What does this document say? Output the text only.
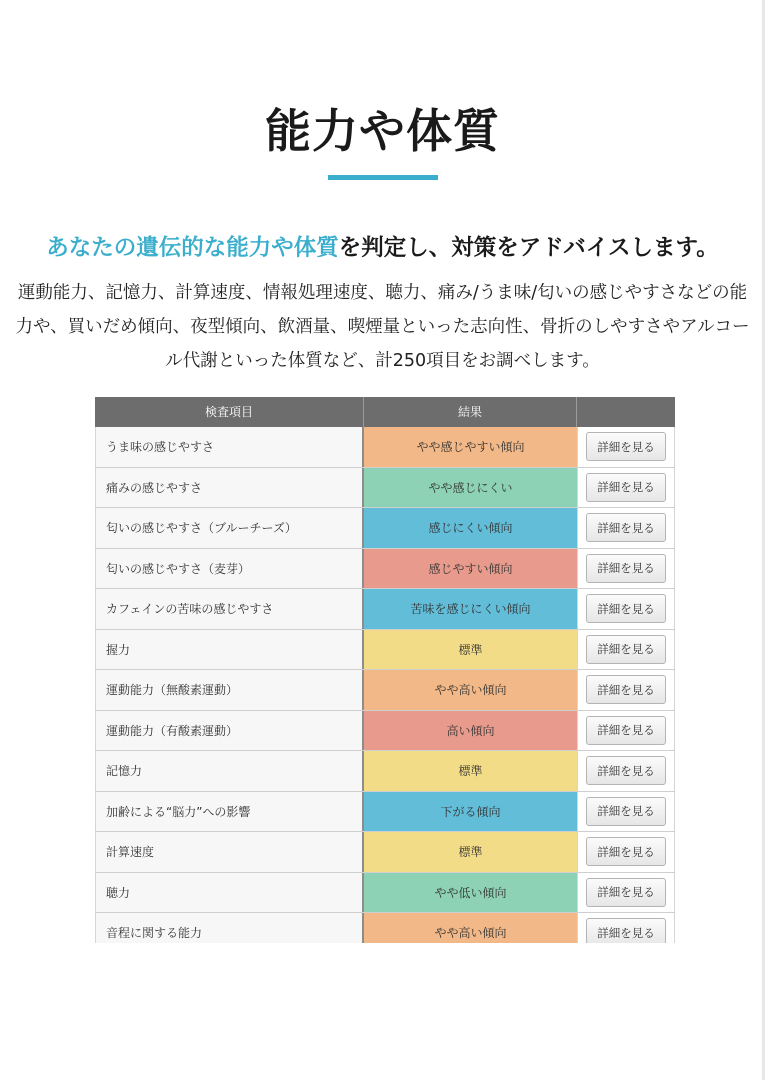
能力や体質
あなたの遺伝的な能力や体質を判定し、対策をアドバイスします。
運動能力、記憶力、計算速度、情報処理速度、聴力、痛み/うま味/匂いの感じやすさなどの能
力や、買いだめ傾向、夜型傾向、飲酒量、喫煙量といった志向性、骨折のしやすさやアルコー
ル代謝といった体質など、計250項目をお調べします。
検査項目	結果
うま味の感じやすさ	やや感じやすい傾向	詳細を見る
痛みの感じやすさ	やや感じにくい	詳細を見る
匂いの感じやすさ（ブルーチーズ）	感じにくい傾向	詳細を見る
匂いの感じやすさ（麦芽）	感じやすい傾向	詳細を見る
カフェインの苦味の感じやすさ	苦味を感じにくい傾向	詳細を見る
握力	標準	詳細を見る
運動能力（無酸素運動）	やや高い傾向	詳細を見る
運動能力（有酸素運動）	高い傾向	詳細を見る
記憶力	標準	詳細を見る
加齢による“脳力”への影響	下がる傾向	詳細を見る
計算速度	標準	詳細を見る
聴力	やや低い傾向	詳細を見る
音程に関する能力	やや高い傾向	詳細を見る
